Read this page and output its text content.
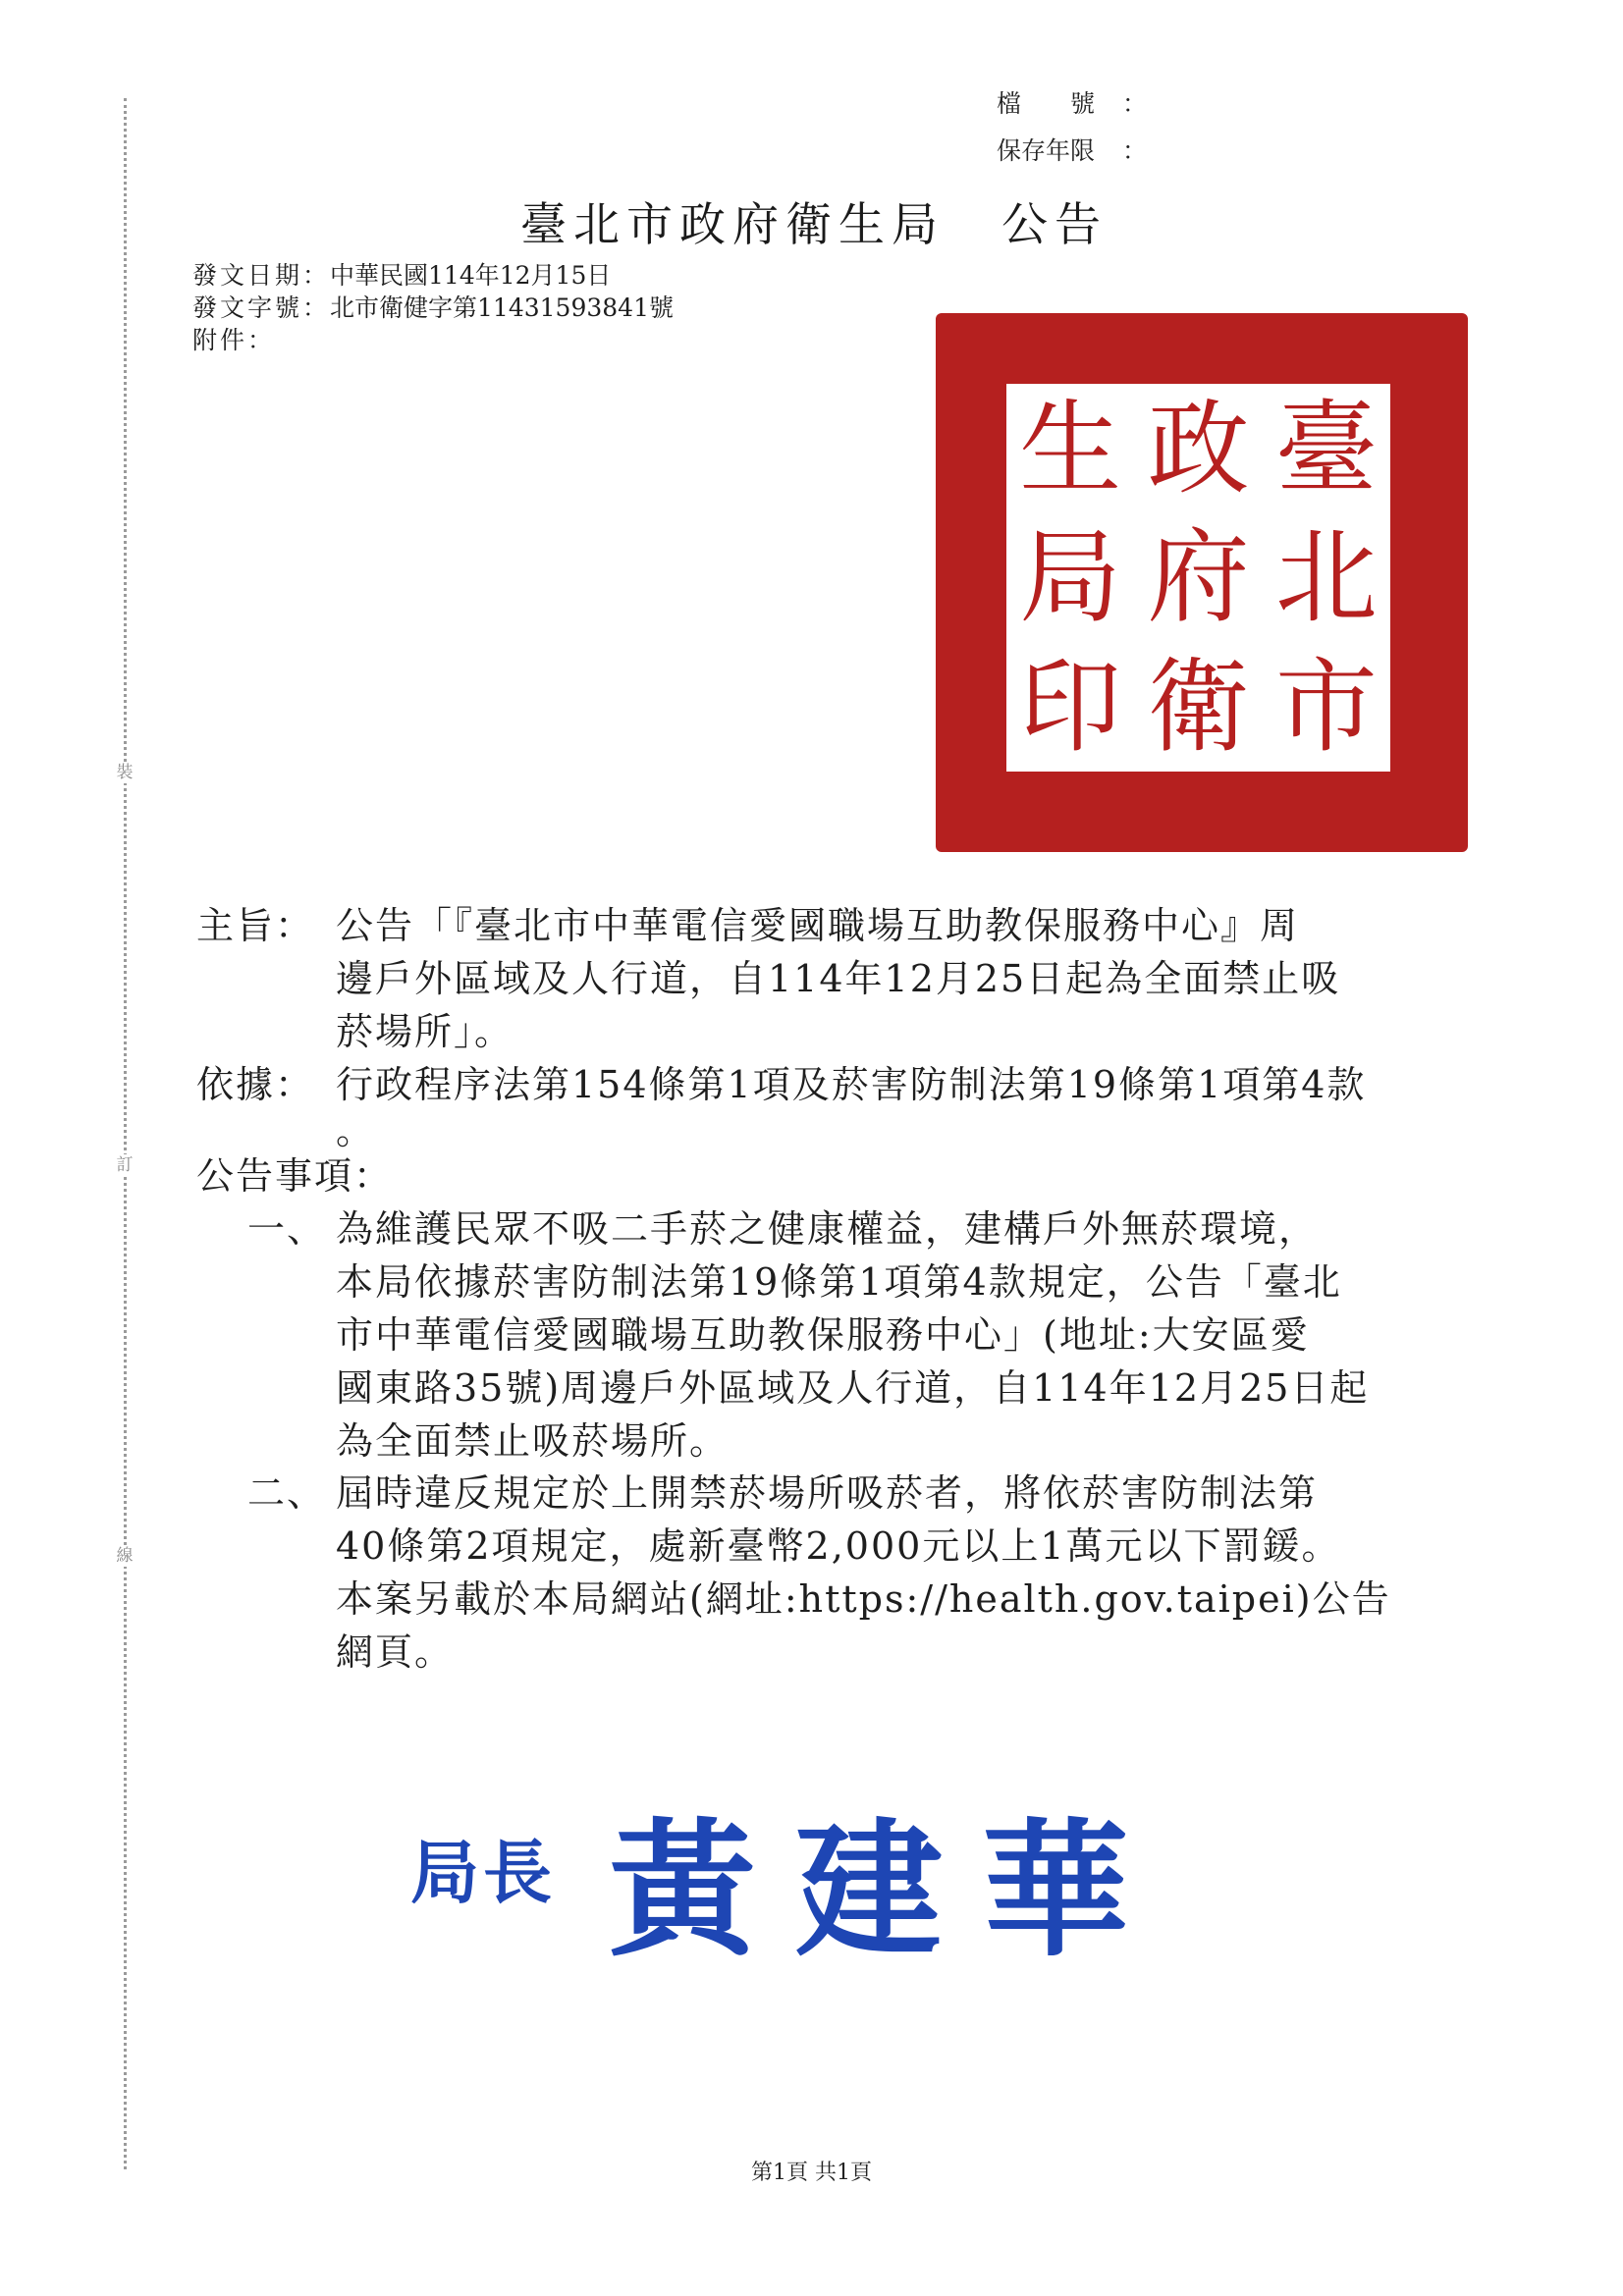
裝
訂
線
檔　　號	：
保存年限	：
臺北市政府衛生局 公告
發文日期： 中華民國114年12月15日
發文字號： 北市衛健字第11431593841號
附件：
臺
北
市
政
府
衛
生
局
印
主旨： 公告「『臺北市中華電信愛國職場互助教保服務中心』周
邊戶外區域及人行道，自114年12月25日起為全面禁止吸
菸場所」。
依據： 行政程序法第154條第1項及菸害防制法第19條第1項第4款
。
公告事項：
一、 為維護民眾不吸二手菸之健康權益，建構戶外無菸環境，
本局依據菸害防制法第19條第1項第4款規定，公告「臺北
市中華電信愛國職場互助教保服務中心」(地址:大安區愛
國東路35號)周邊戶外區域及人行道，自114年12月25日起
為全面禁止吸菸場所。
二、 屆時違反規定於上開禁菸場所吸菸者，將依菸害防制法第
40條第2項規定，處新臺幣2,000元以上1萬元以下罰鍰。
本案另載於本局網站(網址:https://health.gov.taipei)公告
網頁。
局長 黃建華
第1頁 共1頁
